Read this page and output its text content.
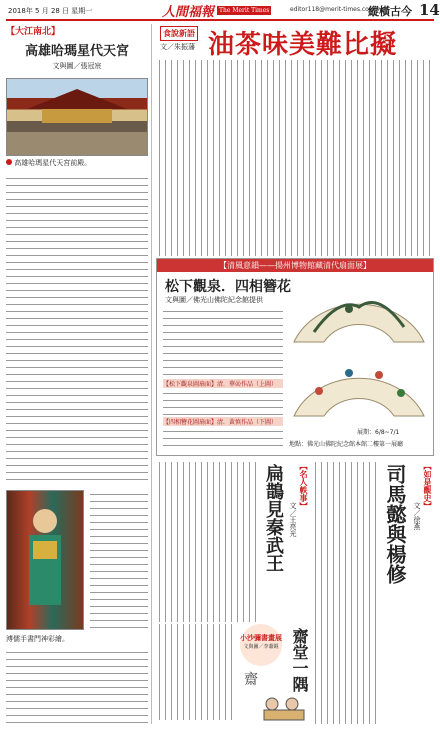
2018年 5 月 28 日 星期一	人間福報 The Merit Times	editor118@merit-times.com.tw
縱橫古今 14
【大江南北】
高雄哈瑪星代天宮
文與圖／張冠宸
高雄哈瑪星代天宮前殿。
溥儒手書門神彩繪。
食說新語
文／朱振藩 油茶味美難比擬
【清風意韻——揚州博物館藏清代扇面展】
松下觀泉．四相簪花
文與圖／佛光山佛陀紀念館提供
【松下觀泉圖扇面】清．華嵒作品（上圖）
【四相簪花圖扇面】清．黃慎作品（下圖）
展期：6/8~7/1
地點：佛光山佛陀紀念館本館二樓第一展廳
【如是觀史】
文／徐燕
司馬懿與楊修
【名人軼事】
文／王亮光
扁鵲見秦武王
小沙彌書畫展
文與圖／李蕭錕 齋堂一隅
齋
